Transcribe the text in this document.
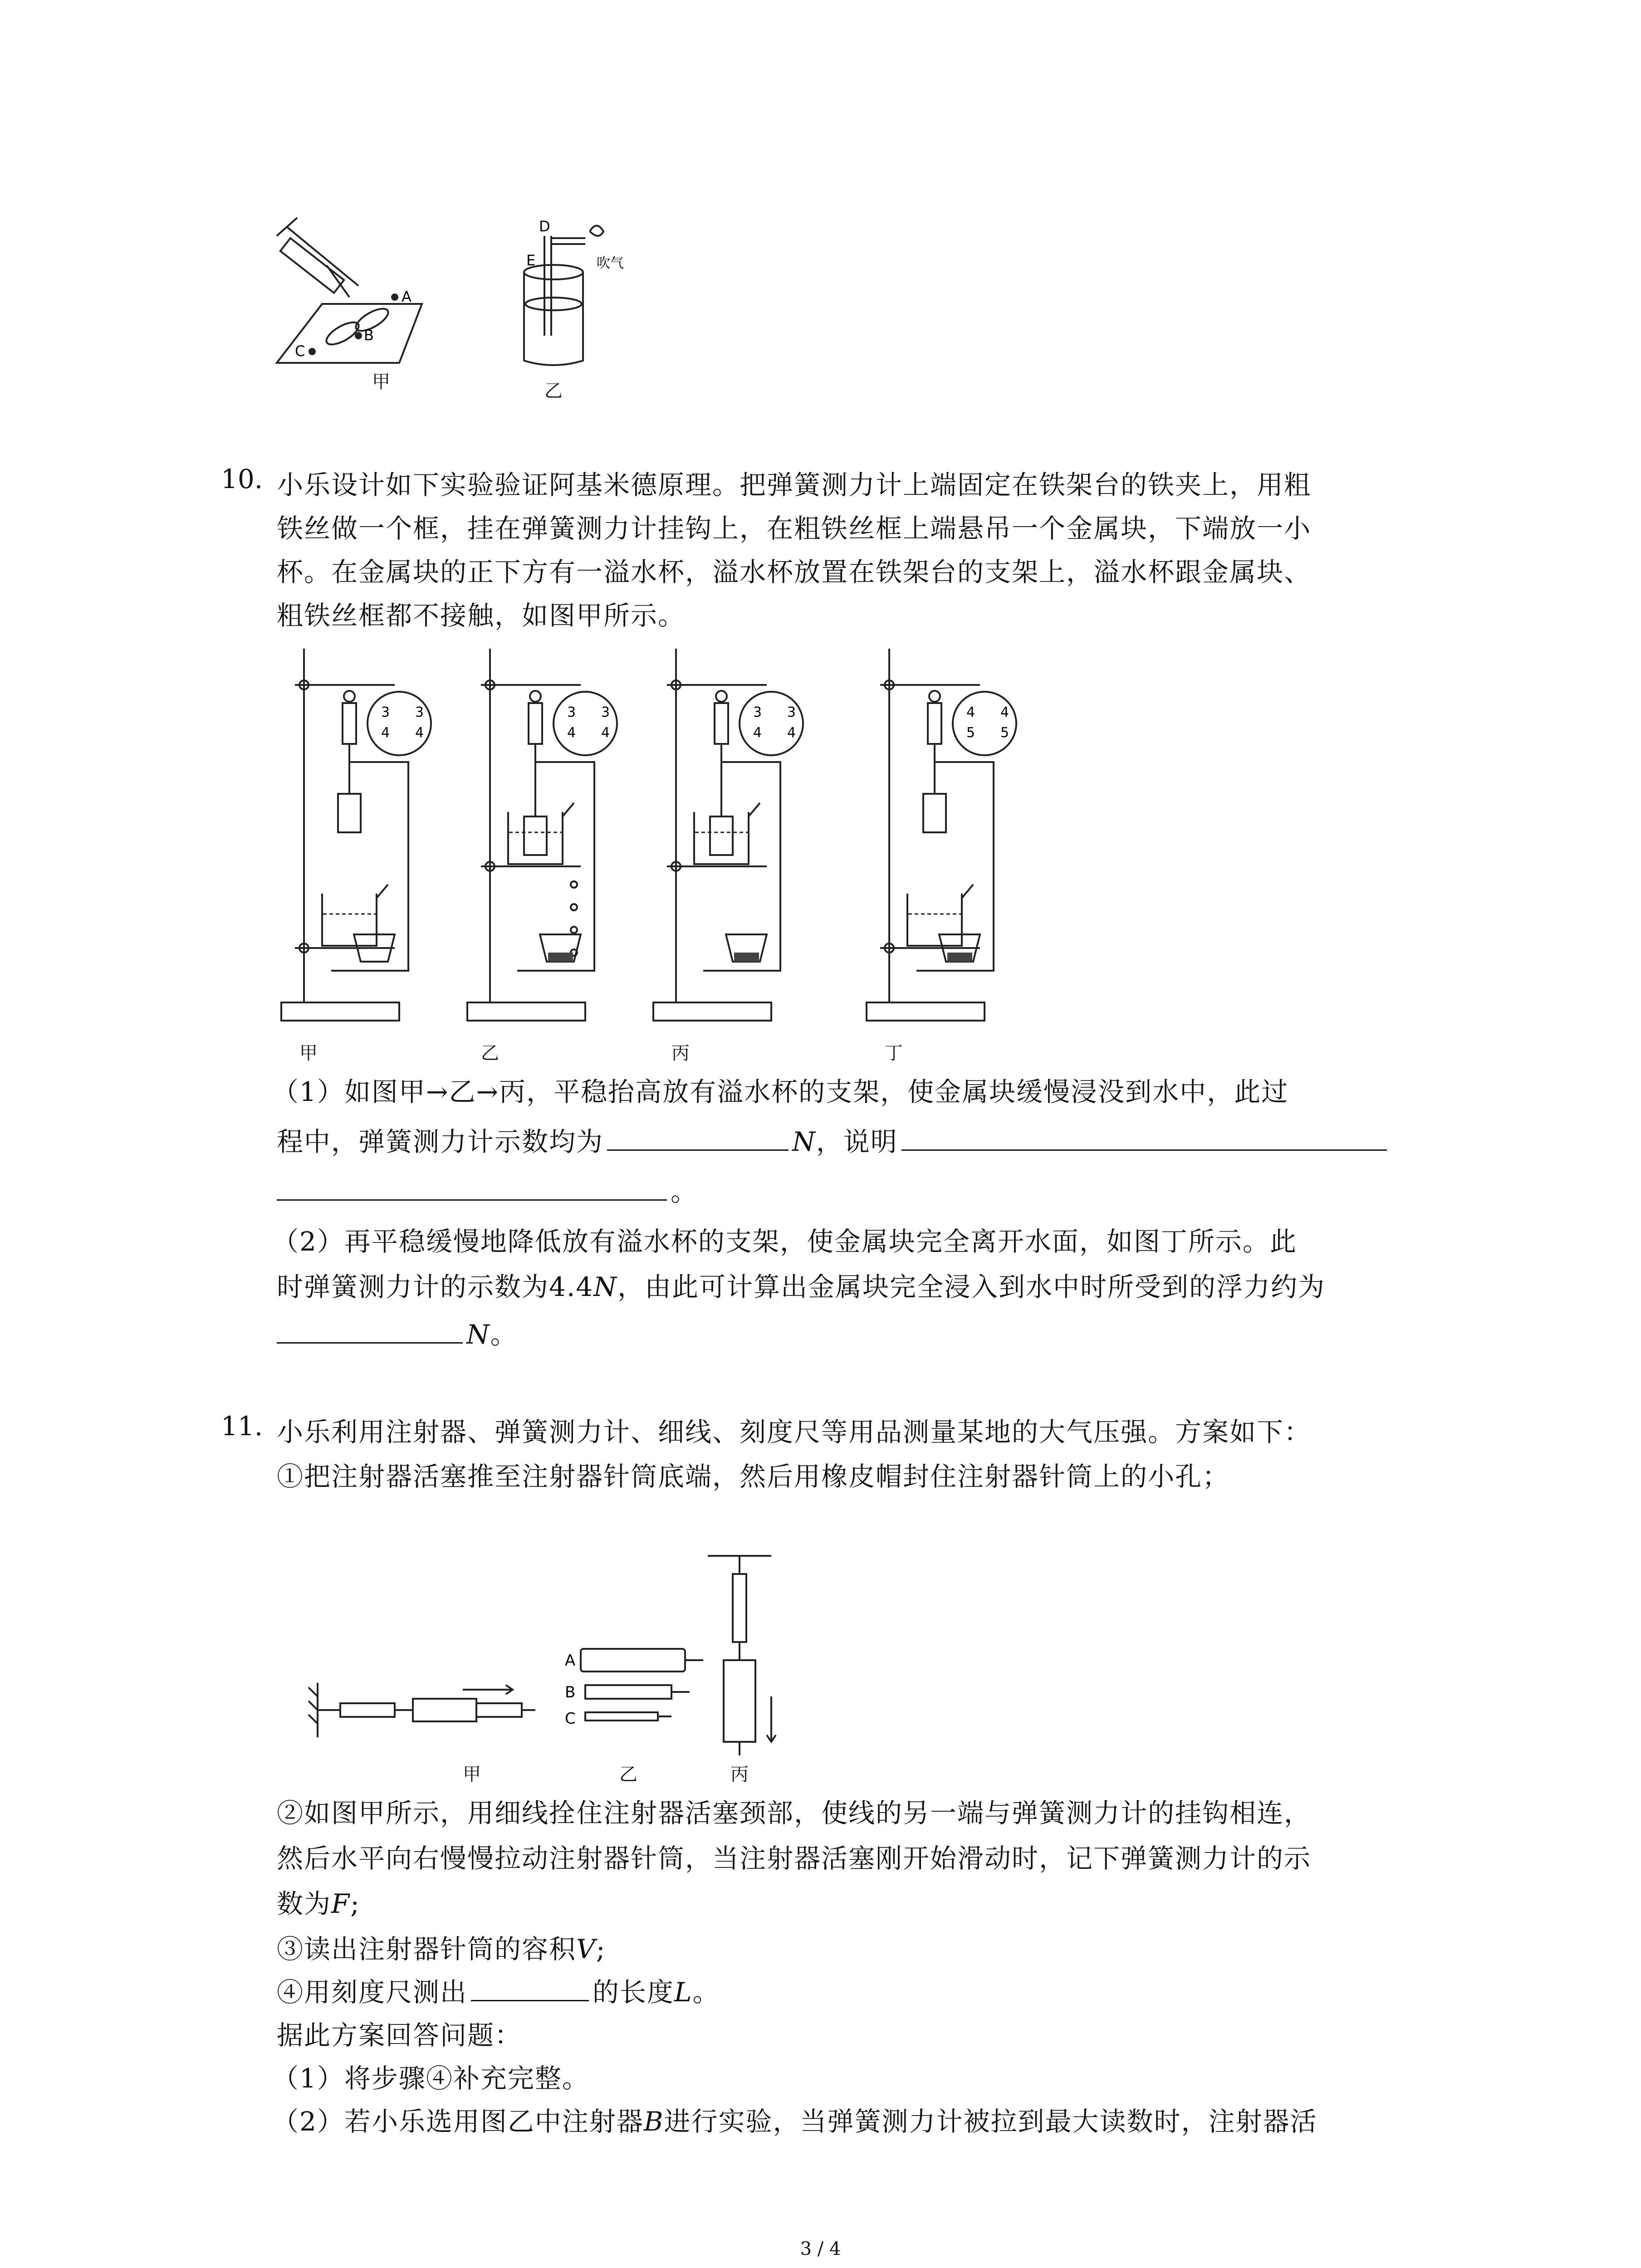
A
B
C
D
E	吹气
甲	乙
10. 小乐设计如下实验验证阿基米德原理。把弹簧测力计上端固定在铁架台的铁夹上，用粗
铁丝做一个框，挂在弹簧测力计挂钩上，在粗铁丝框上端悬吊一个金属块，下端放一小
杯。在金属块的正下方有一溢水杯，溢水杯放置在铁架台的支架上，溢水杯跟金属块、
粗铁丝框都不接触，如图甲所示。
3
4
3
4
3
4
3
4
3
4
3
4
4
5
4
5
甲	乙	丙	丁
（1）如图甲→乙→丙，平稳抬高放有溢水杯的支架，使金属块缓慢浸没到水中，此过
程中，弹簧测力计示数均为	N，说明
。
（2）再平稳缓慢地降低放有溢水杯的支架，使金属块完全离开水面，如图丁所示。此
时弹簧测力计的示数为4.4N，由此可计算出金属块完全浸入到水中时所受到的浮力约为
N。
11. 小乐利用注射器、弹簧测力计、细线、刻度尺等用品测量某地的大气压强。方案如下：
①把注射器活塞推至注射器针筒底端，然后用橡皮帽封住注射器针筒上的小孔；
A
B
C
甲	乙	丙
②如图甲所示，用细线拴住注射器活塞颈部，使线的另一端与弹簧测力计的挂钩相连，
然后水平向右慢慢拉动注射器针筒，当注射器活塞刚开始滑动时，记下弹簧测力计的示
数为F;
③读出注射器针筒的容积V;
④用刻度尺测出	的长度L。
据此方案回答问题：
（1）将步骤④补充完整。
（2）若小乐选用图乙中注射器B进行实验，当弹簧测力计被拉到最大读数时，注射器活
3 / 4
